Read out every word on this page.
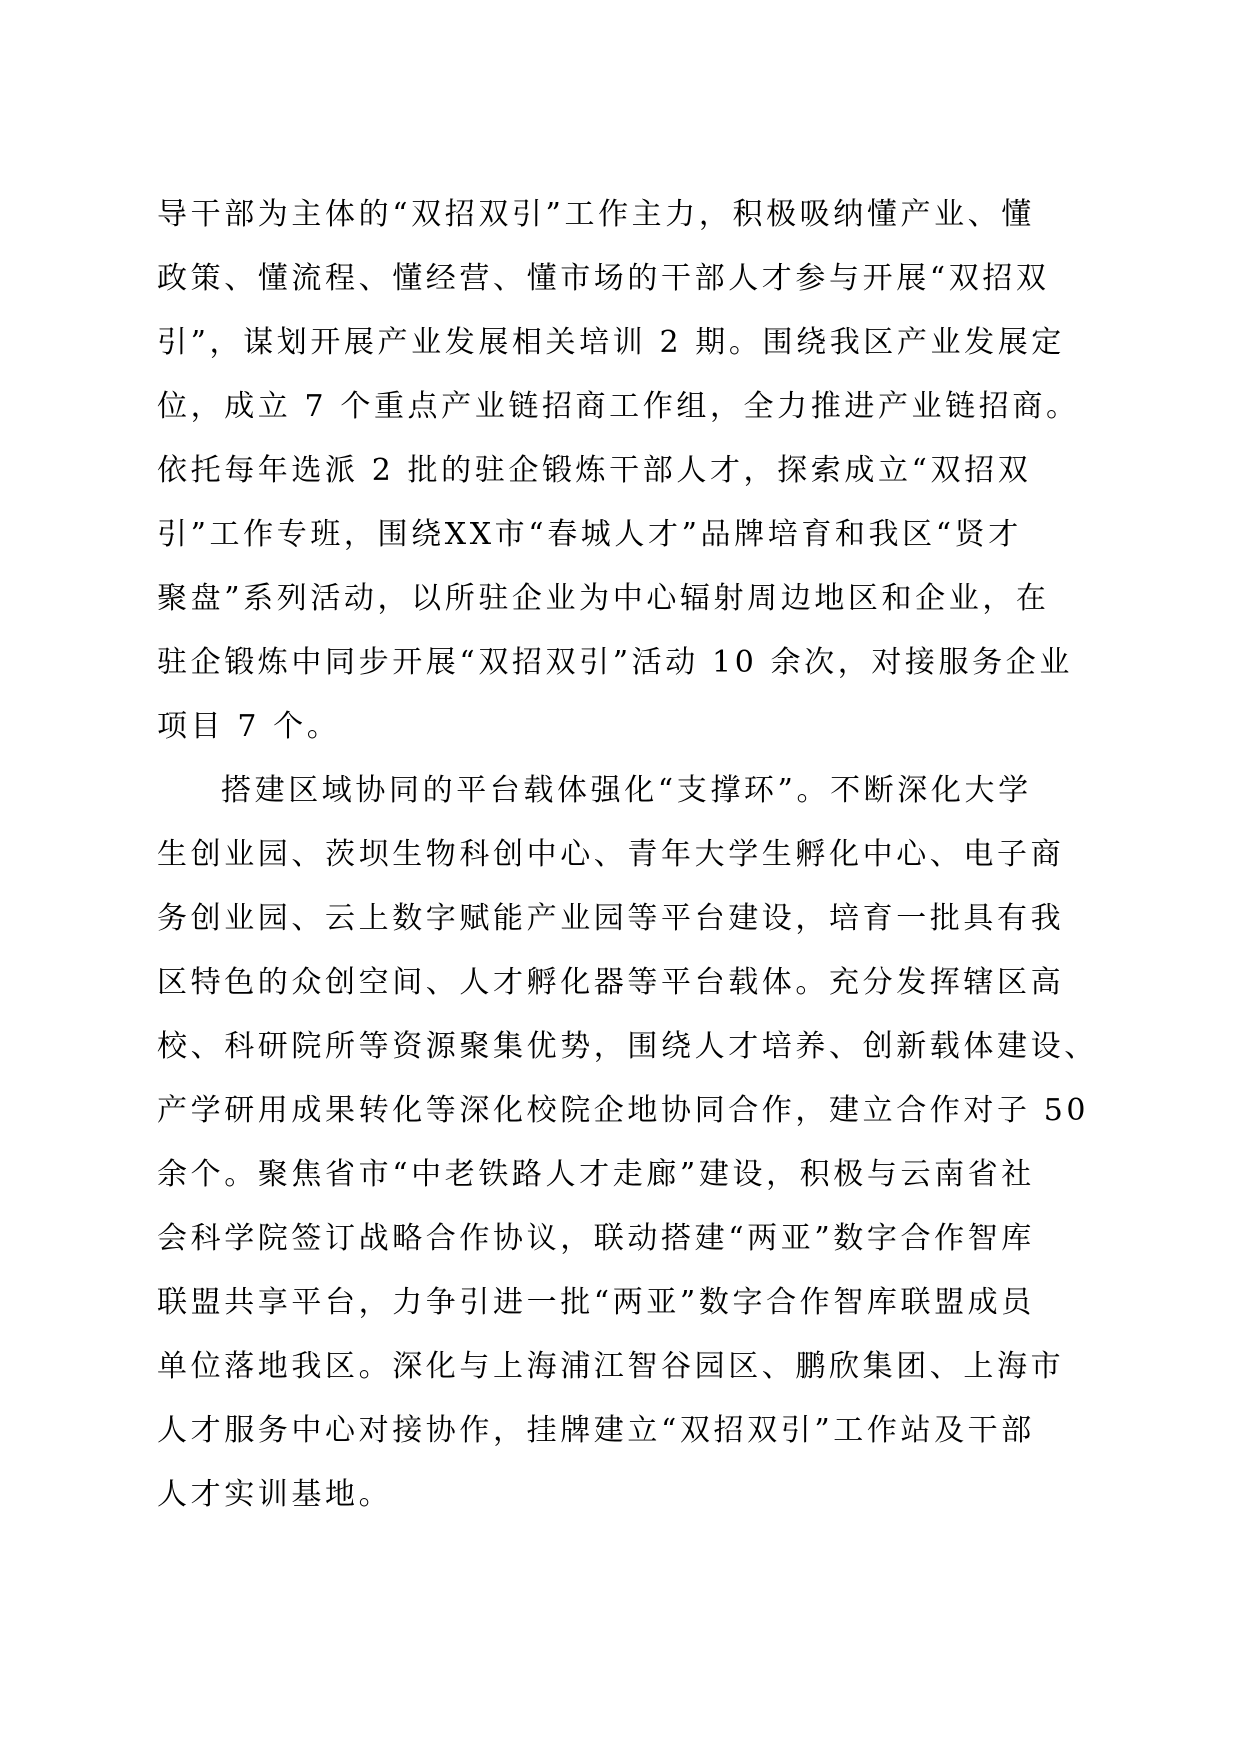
导干部为主体的“双招双引”工作主力，积极吸纳懂产业、懂
政策、懂流程、懂经营、懂市场的干部人才参与开展“双招双
引”，谋划开展产业发展相关培训 2 期。围绕我区产业发展定
位，成立 7 个重点产业链招商工作组，全力推进产业链招商。
依托每年选派 2 批的驻企锻炼干部人才，探索成立“双招双
引”工作专班，围绕XX市“春城人才”品牌培育和我区“贤才
聚盘”系列活动，以所驻企业为中心辐射周边地区和企业，在
驻企锻炼中同步开展“双招双引”活动 10 余次，对接服务企业
项目 7 个。
搭建区域协同的平台载体强化“支撑环”。不断深化大学
生创业园、茨坝生物科创中心、青年大学生孵化中心、电子商
务创业园、云上数字赋能产业园等平台建设，培育一批具有我
区特色的众创空间、人才孵化器等平台载体。充分发挥辖区高
校、科研院所等资源聚集优势，围绕人才培养、创新载体建设、
产学研用成果转化等深化校院企地协同合作，建立合作对子 50
余个。聚焦省市“中老铁路人才走廊”建设，积极与云南省社
会科学院签订战略合作协议，联动搭建“两亚”数字合作智库
联盟共享平台，力争引进一批“两亚”数字合作智库联盟成员
单位落地我区。深化与上海浦江智谷园区、鹏欣集团、上海市
人才服务中心对接协作，挂牌建立“双招双引”工作站及干部
人才实训基地。
